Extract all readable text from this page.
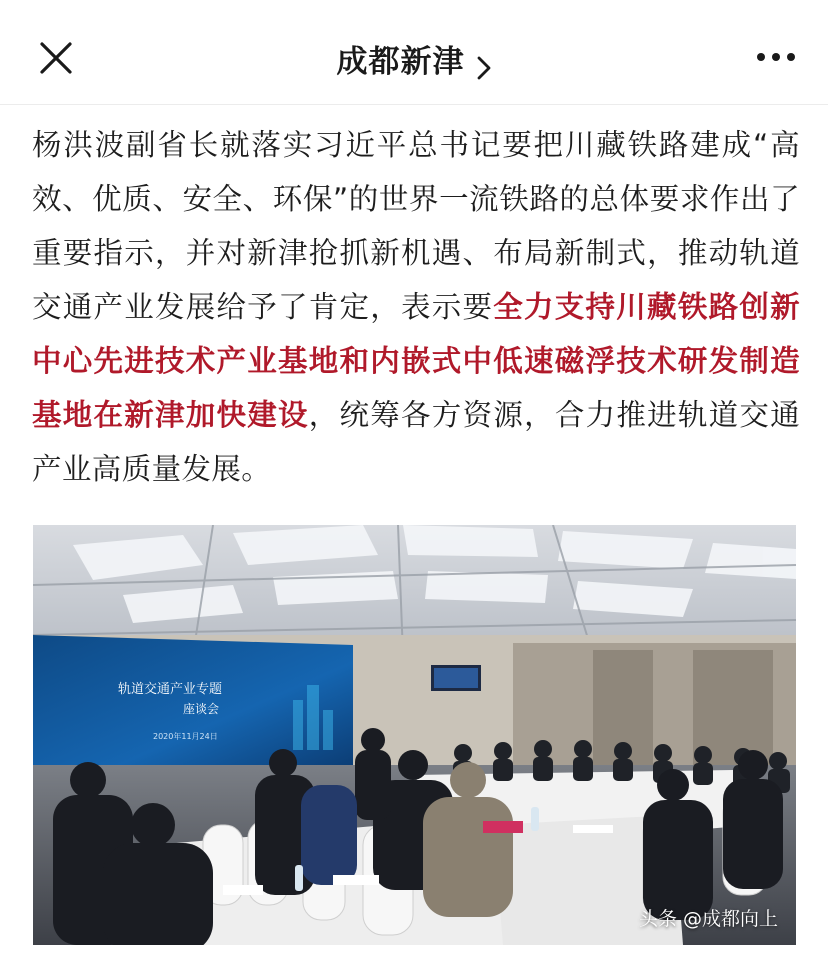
成都新津
杨洪波副省长就落实习近平总书记要把川藏铁路建成“高效、优质、安全、环保”的世界一流铁路的总体要求作出了重要指示，并对新津抢抓新机遇、布局新制式，推动轨道交通产业发展给予了肯定，表示要全力支持川藏铁路创新中心先进技术产业基地和内嵌式中低速磁浮技术研发制造基地在新津加快建设，统筹各方资源，合力推进轨道交通产业高质量发展。
轨道交通产业专题
座谈会
2020年11月24日
头条 @成都向上
